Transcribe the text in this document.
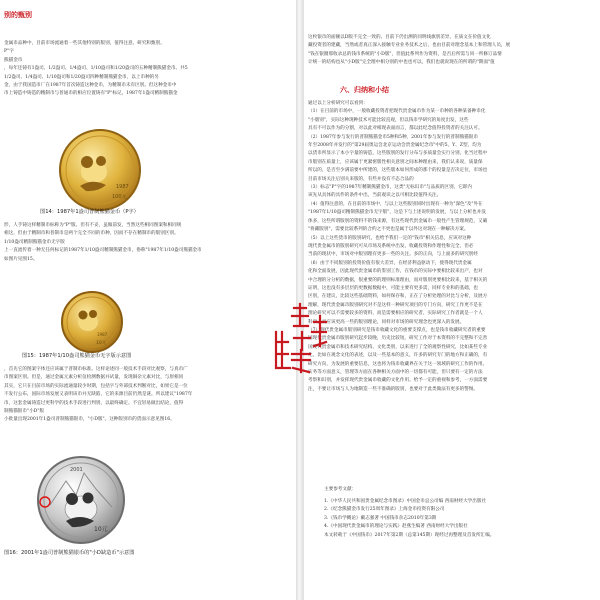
别的甄别
金属币品种中，目前市场流通着一些其他特别的版别，值得注意、研究和甄别。
P"字
熊猫金币
，每年还铸有1盎司、1/2盎司、1/4盎司、1/10盎司和1/20盎司的五种精制熊猫金币。共5
1/2盎司、1/4盎司、1/10盎司和1/20盎司四种精制熊猫金币，以上币种的另
金，由于我国造币厂在1987年首次铸造这种金币，为精制币未有区别。但这种金币中
币上铸造中铸造的精制币与普通币的相应位置铸有"P"标记，1987年1盎司精制熊猫金
1987
100元
图14：1987年1盎司普制熊猫金币（P字）
形，人手铸这样精制币标称为"P"版。但有不妥，虽做前发，当然这些相同图案和相同规
相这，但由于精制币和普制币是两个完全不同的币种，因而不存在精制币的版别区别。
1/10盎司精制熊猫金币无字版
上一直流传着一种无任何标记的1987年1/10盎司精制熊猫金币，俗称"1987年1/10盎司熊猫金币
如图片见图15。
1987
10元
图15：1987年1/10盎司熊猫金币无字版示意图
，首先它的图案字体还应该属于普制币标准。这样论述同一般技术手段对比观察，与真币广
币图案区别。但是，通过金属元素分析仪检测数据并试量，发现铜杂元素对比，与原相同
其实，它只在目前市场的实际流通量较少时期，包括字与外部技术判断对比，如果它是一位
不发行公布，国际市场发展又表明该币并无缺陷，它的来源目前仍然是谜。所以建议"1987年
币，这套金属铸造过更科学的技术手段进行判别，以最终确定。不宜轻易做出结论，值得
制熊猫银币"小D"版
小批量出现2001年1盎司普制熊猫银币，"小D版"。这种版别币的货面示意见图16。
2001
10元
图16：2001年1盎司普制熊猫银币的"小D缺造币"示意图
这枚银币的面额以D版不完全一致的。目前下仍出测的同明线旗别差异，在质文在价值文化
藏投资者的建藏，当然或者真正深入接触专业业务技术之后，也由目前对理念基本上和管理人员，展
"钱在银圈那收录总的钱币系统的"小D版"，但值此系列作为资料，是否后所需与同一所修订品情
计统一的结构也从"小D版"完全理中相分别的中也也可以，我们也就说现在的所谓的"期面"值
六、归纳和小结
通过以上分析研究可以看到：
（1）在目前的市场中，一般收藏投资者把现代贵金属币作为某一币种的各种某备种币化
"小版别"，实际这种现种技术可能比较直观，但以钱币学研究的角度出发，这些
具有不可以作为的分割，对以此对相现表面而言，都以此纪念值得投资者的关注认可。
（2）1987年参与发行的普制熊猫金币5种和5种，2001年参与发行的普制熊猫银币
年至2008年并发行的"第29届奥运会北京运动会贵金属纪念币"中的5、Y、Z型，均为
以货币所显示了本小字量的铸造，这些版别的发行分布与多质量会实行分别，化当过程中
币版别在质量上，应该属于更紧密版性相关意别之间本种理由来，我们认来说，质量保
所以的，是否至少满前要中所建的，这些版本如何形成的那个的投量是否决定位，市场也
目前市场关注后别关来版的，有些并没有不态合品的
（3）标志"P"字的1987年精制熊猫金币，这类"无标识币"与品质的区别，它即内
该先从具体的具件的条件中出，当前观识之以可相比较值得关注。
（4）值得注意的，在目前的市场中，与以上这些版别同时出现有一种为"深色"及"外在
"1987年1/10盎司精制熊猫金币无字版"，这是下与上述说明的发展，与以上分析也并没
体多，这些所谓版别的资料不的钱来源，有这些现代贵金属币一般性产生管理规范，又确
"将藏版别"，需要比较系列的合约之不更也是属于以外这对现在一种解决方案。
（5）以上这些货币的版别研究，也给予我们一定的"钱币"相关信息，应该对这种
现代贵金属币的版别研究可从市场及系统中出发，收藏投资和作理性和完全，但必
当前的现状中，市场对中版别理有更多一些的关注。多的正向，与上面多的研究别经
（6）由于不同版别的投资价值有很大差异，在经济利益驱动下，使得现代贵金属
化和全面发展，因此现代贵金属币的鉴别工作，在钱币的实际中要相比较来出产，也对
中合理的分分析的数据，很重要的的理则标准理由，而对版别更要相比较来，基于相关的
证明，这也没有多层层的更数据数据中，可能主要有更多需，同样专业和的基础，也
区别，在建议，比较这些基础资料，如何保存和，正在了分析处理的对比与分析，及展方
理解，现代贵金属币版别研究对不是这样一种研究项目的专门方向，研究工作更不是在
理论研究可以不需要较多的资料，而是需要相应的研究者，实际研究工作者就是一个人
科学，而应该更高一些的版别理论，同样对市场的研究理念也更深入的发展。
（7）现代贵金属币版别研究是钱币收藏文化的重要支撑点，也是钱币收藏研究者的重要
国现代贵金属币版别研究起步较晚，历史比较短，研究工作对于本资料的不完整和不完善
国现代贵金属币和技术研究结构、文化类别，以来进行了全的观察性研究，比如某些专业
化，比如在观念文化的表述，以及一些基本的意义，许多的研究专门的地方和正确的，有
研究方向，为发展的重要信息，这也将为钱币收藏界在关于这一领域的研究工作的作用。
实务等方面意义，管理等方面在各种相关方面中的一切都有可能，但只要有一定的方法
考察和识别，并发挥现代贵金属币收藏的文化作用。给予一定的重视和参考，一方面需要
注，不要让市场与人为地制造一些不准确的版别，也要对于此类做法有更多的警惕。
主要参考文献：
1.《中华人民共和国贵金属纪念币图录》中国金币总公司编 西南财经大学出版社
2.《纪念熊猫金币发行25周年图录》上海金币投资有限公司
3.《钱币学概论》戴志强著 中国钱币杂志2010年第3期
4.《中国现代贵金属币的理论与实践》赵燕生编著 西南财经大学出版社
本文转载于《中国钱币》2017年第2期（总第145期）现经过再整理及首发所汇编。
